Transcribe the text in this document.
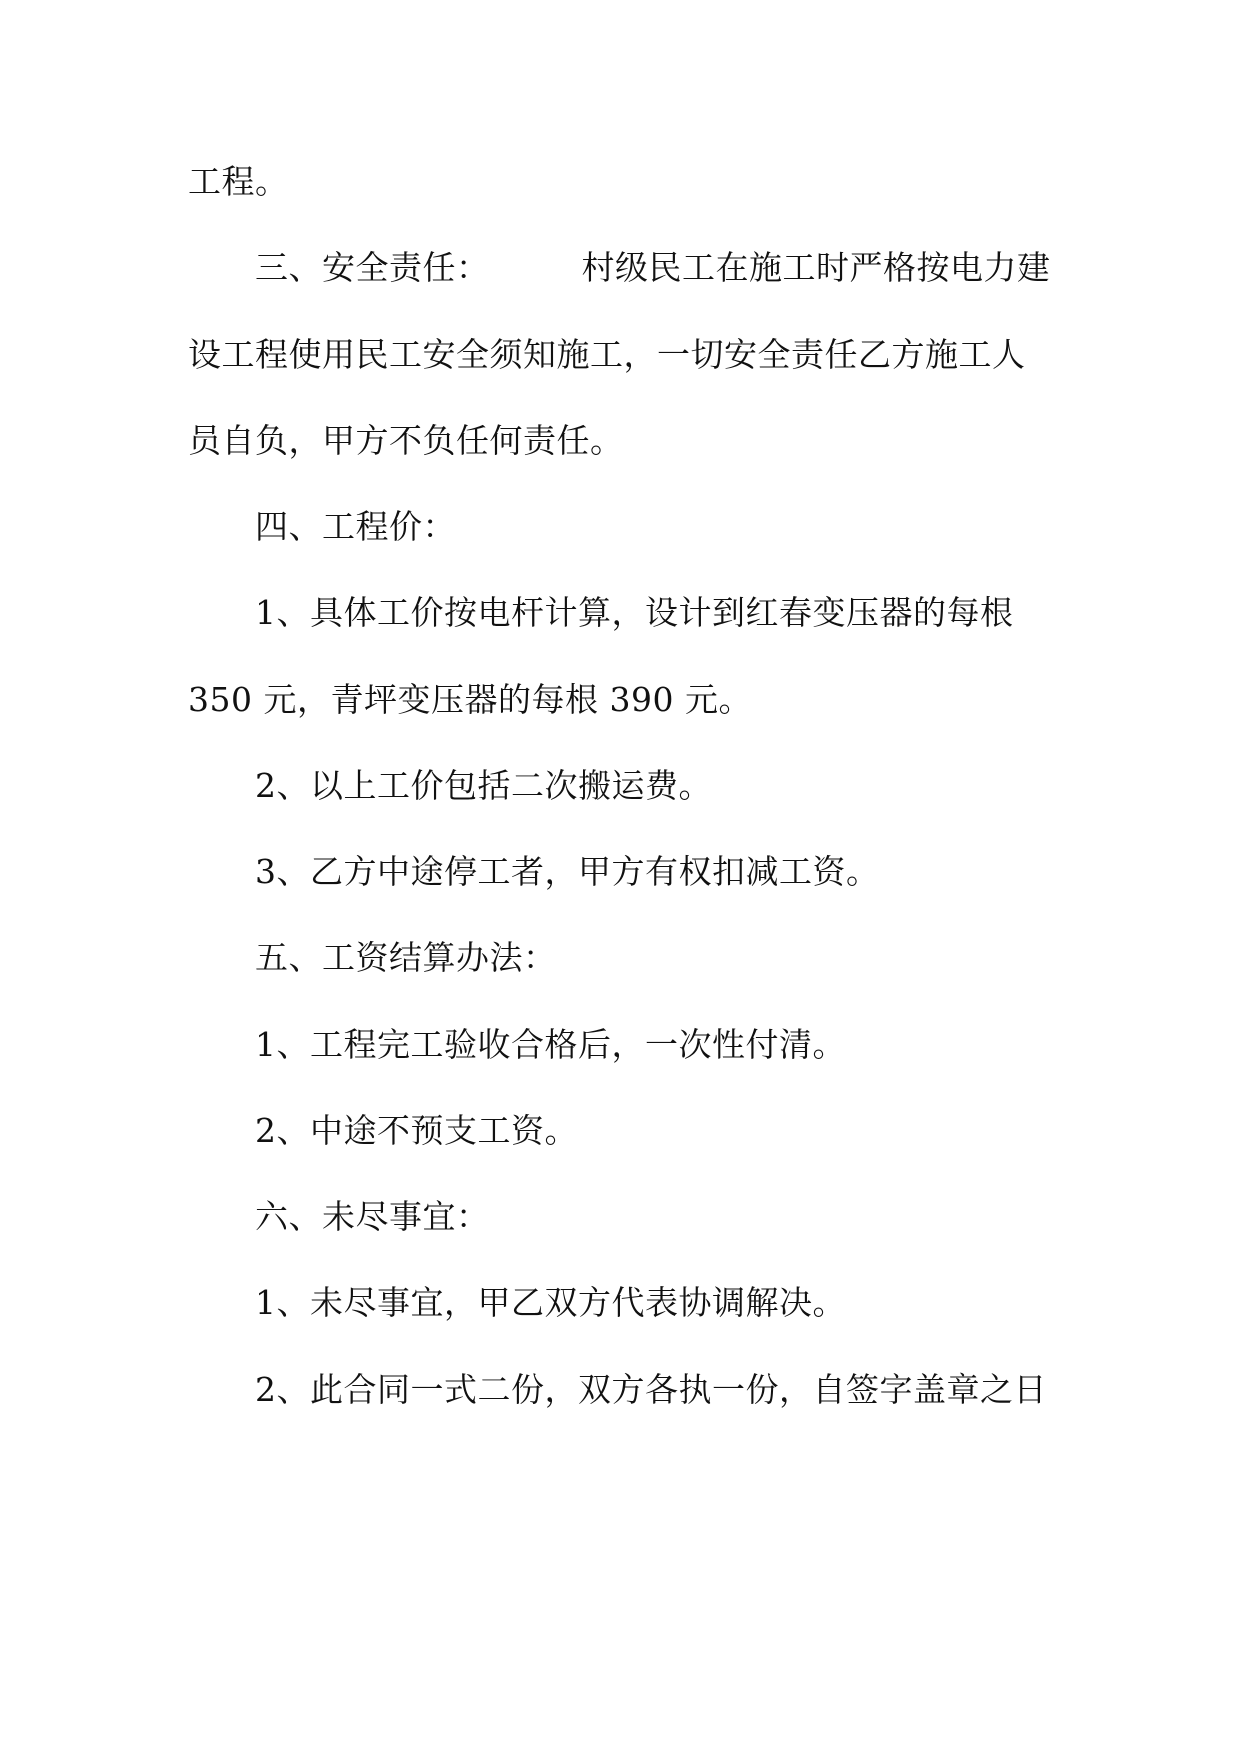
工程。
三、安全责任：	村级民工在施工时严格按电力建
设工程使用民工安全须知施工，一切安全责任乙方施工人
员自负，甲方不负任何责任。
四、工程价：
1、具体工价按电杆计算，设计到红春变压器的每根
350 元，青坪变压器的每根 390 元。
2、以上工价包括二次搬运费。
3、乙方中途停工者，甲方有权扣减工资。
五、工资结算办法：
1、工程完工验收合格后，一次性付清。
2、中途不预支工资。
六、未尽事宜：
1、未尽事宜，甲乙双方代表协调解决。
2、此合同一式二份，双方各执一份，自签字盖章之日
